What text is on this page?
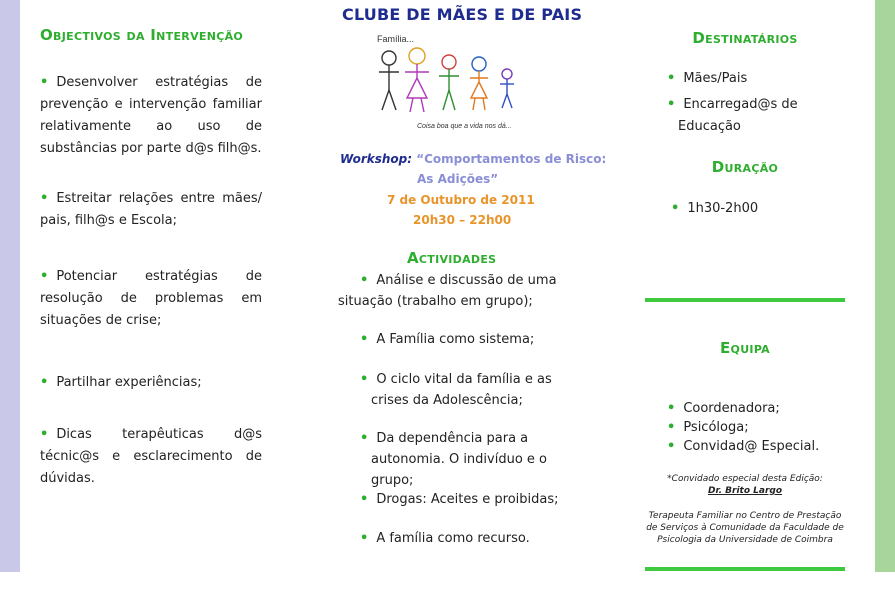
Objectivos da Intervenção
• Desenvolver estratégias de prevenção e intervenção familiar relativamente ao uso de substâncias por parte d@s filh@s.
• Estreitar relações entre mães/ pais, filh@s e Escola;
• Potenciar estratégias de resolução de problemas em situações de crise;
• Partilhar experiências;
• Dicas terapêuticas d@s técnic@s e esclarecimento de dúvidas.
CLUBE DE MÃES E DE PAIS
Família...
Coisa boa que a vida nos dá...
Workshop: “Comportamentos de Risco:
As Adições”
7 de Outubro de 2011
20h30 – 22h00
Actividades
• Análise e discussão de uma situação (trabalho em grupo);
• A Família como sistema;
• O ciclo vital da família e as crises da Adolescência;
• Da dependência para a autonomia. O indivíduo e o grupo;
• Drogas: Aceites e proibidas;
• A família como recurso.
Destinatários
• Mães/Pais
• Encarregad@s de Educação
Duração
• 1h30-2h00
Equipa
• Coordenadora;
• Psicóloga;
• Convidad@ Especial.
*Convidado especial desta Edição:
Dr. Brito Largo
Terapeuta Familiar no Centro de Prestação de Serviços à Comunidade da Faculdade de Psicologia da Universidade de Coimbra
